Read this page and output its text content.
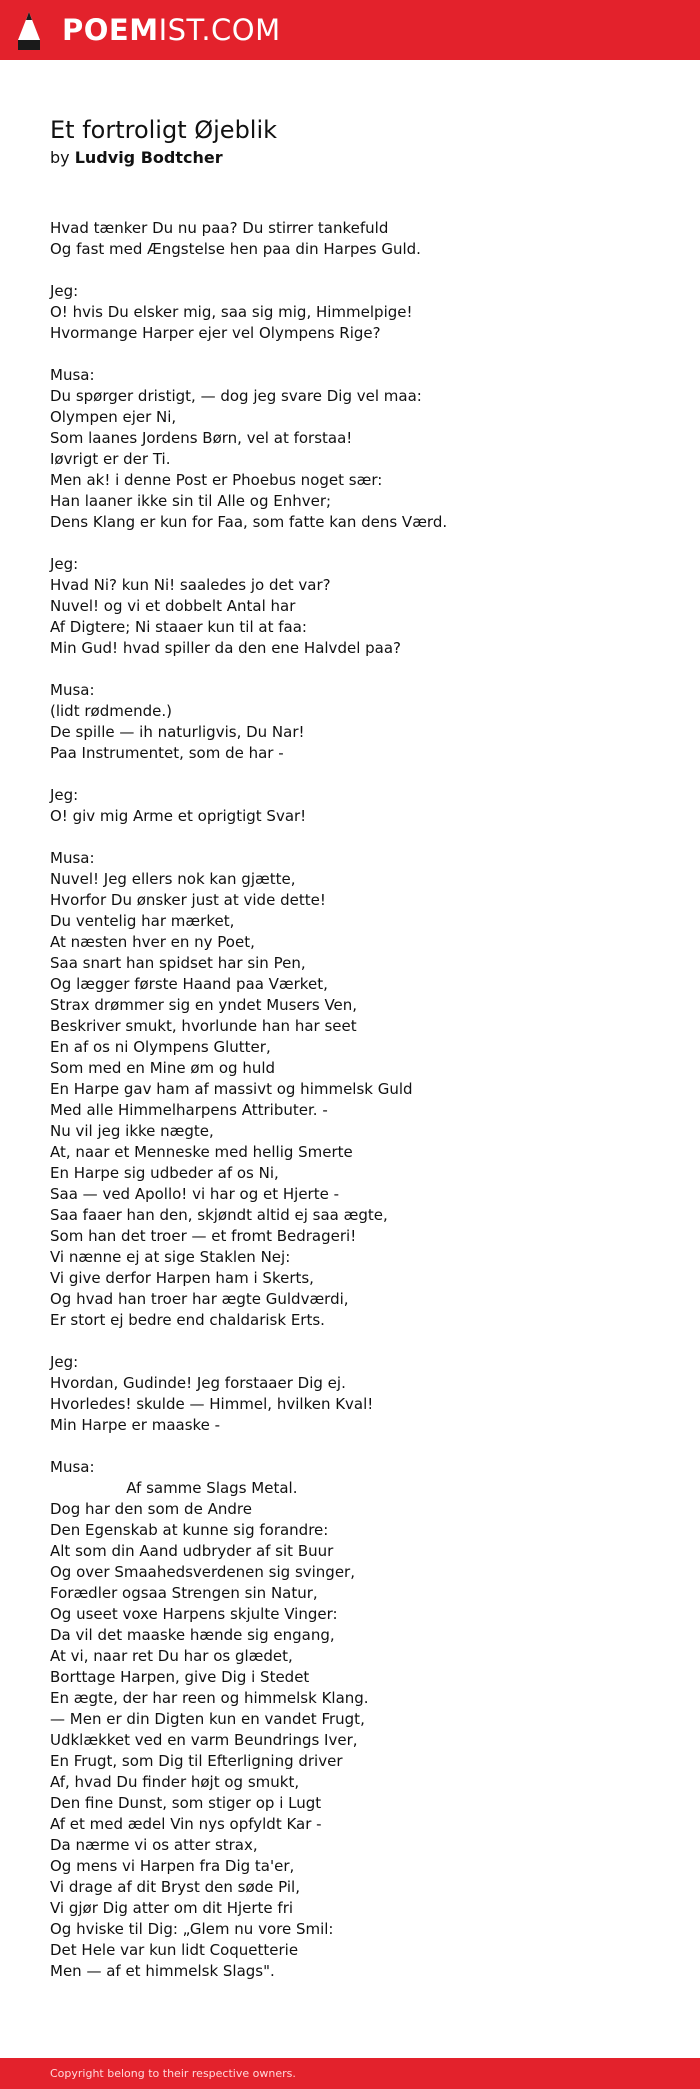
POEMIST.COM
Et fortroligt Øjeblik
by Ludvig Bodtcher
Hvad tænker Du nu paa? Du stirrer tankefuld
Og fast med Ængstelse hen paa din Harpes Guld.
Jeg:
O! hvis Du elsker mig, saa sig mig, Himmelpige!
Hvormange Harper ejer vel Olympens Rige?
Musa:
Du spørger dristigt, — dog jeg svare Dig vel maa:
Olympen ejer Ni,
Som laanes Jordens Børn, vel at forstaa!
Iøvrigt er der Ti.
Men ak! i denne Post er Phoebus noget sær:
Han laaner ikke sin til Alle og Enhver;
Dens Klang er kun for Faa, som fatte kan dens Værd.
Jeg:
Hvad Ni? kun Ni! saaledes jo det var?
Nuvel! og vi et dobbelt Antal har
Af Digtere; Ni staaer kun til at faa:
Min Gud! hvad spiller da den ene Halvdel paa?
Musa:
(lidt rødmende.)
De spille — ih naturligvis, Du Nar!
Paa Instrumentet, som de har -
Jeg:
O! giv mig Arme et oprigtigt Svar!
Musa:
Nuvel! Jeg ellers nok kan gjætte,
Hvorfor Du ønsker just at vide dette!
Du ventelig har mærket,
At næsten hver en ny Poet,
Saa snart han spidset har sin Pen,
Og lægger første Haand paa Værket,
Strax drømmer sig en yndet Musers Ven,
Beskriver smukt, hvorlunde han har seet
En af os ni Olympens Glutter,
Som med en Mine øm og huld
En Harpe gav ham af massivt og himmelsk Guld
Med alle Himmelharpens Attributer. -
Nu vil jeg ikke nægte,
At, naar et Menneske med hellig Smerte
En Harpe sig udbeder af os Ni,
Saa — ved Apollo! vi har og et Hjerte -
Saa faaer han den, skjøndt altid ej saa ægte,
Som han det troer — et fromt Bedrageri!
Vi nænne ej at sige Staklen Nej:
Vi give derfor Harpen ham i Skerts,
Og hvad han troer har ægte Guldværdi,
Er stort ej bedre end chaldarisk Erts.
Jeg:
Hvordan, Gudinde! Jeg forstaaer Dig ej.
Hvorledes! skulde — Himmel, hvilken Kval!
Min Harpe er maaske -
Musa:
Af samme Slags Metal.
Dog har den som de Andre
Den Egenskab at kunne sig forandre:
Alt som din Aand udbryder af sit Buur
Og over Smaahedsverdenen sig svinger,
Forædler ogsaa Strengen sin Natur,
Og useet voxe Harpens skjulte Vinger:
Da vil det maaske hænde sig engang,
At vi, naar ret Du har os glædet,
Borttage Harpen, give Dig i Stedet
En ægte, der har reen og himmelsk Klang.
— Men er din Digten kun en vandet Frugt,
Udklækket ved en varm Beundrings Iver,
En Frugt, som Dig til Efterligning driver
Af, hvad Du finder højt og smukt,
Den fine Dunst, som stiger op i Lugt
Af et med ædel Vin nys opfyldt Kar -
Da nærme vi os atter strax,
Og mens vi Harpen fra Dig ta'er,
Vi drage af dit Bryst den søde Pil,
Vi gjør Dig atter om dit Hjerte fri
Og hviske til Dig: „Glem nu vore Smil:
Det Hele var kun lidt Coquetterie
Men — af et himmelsk Slags".
Copyright belong to their respective owners.
